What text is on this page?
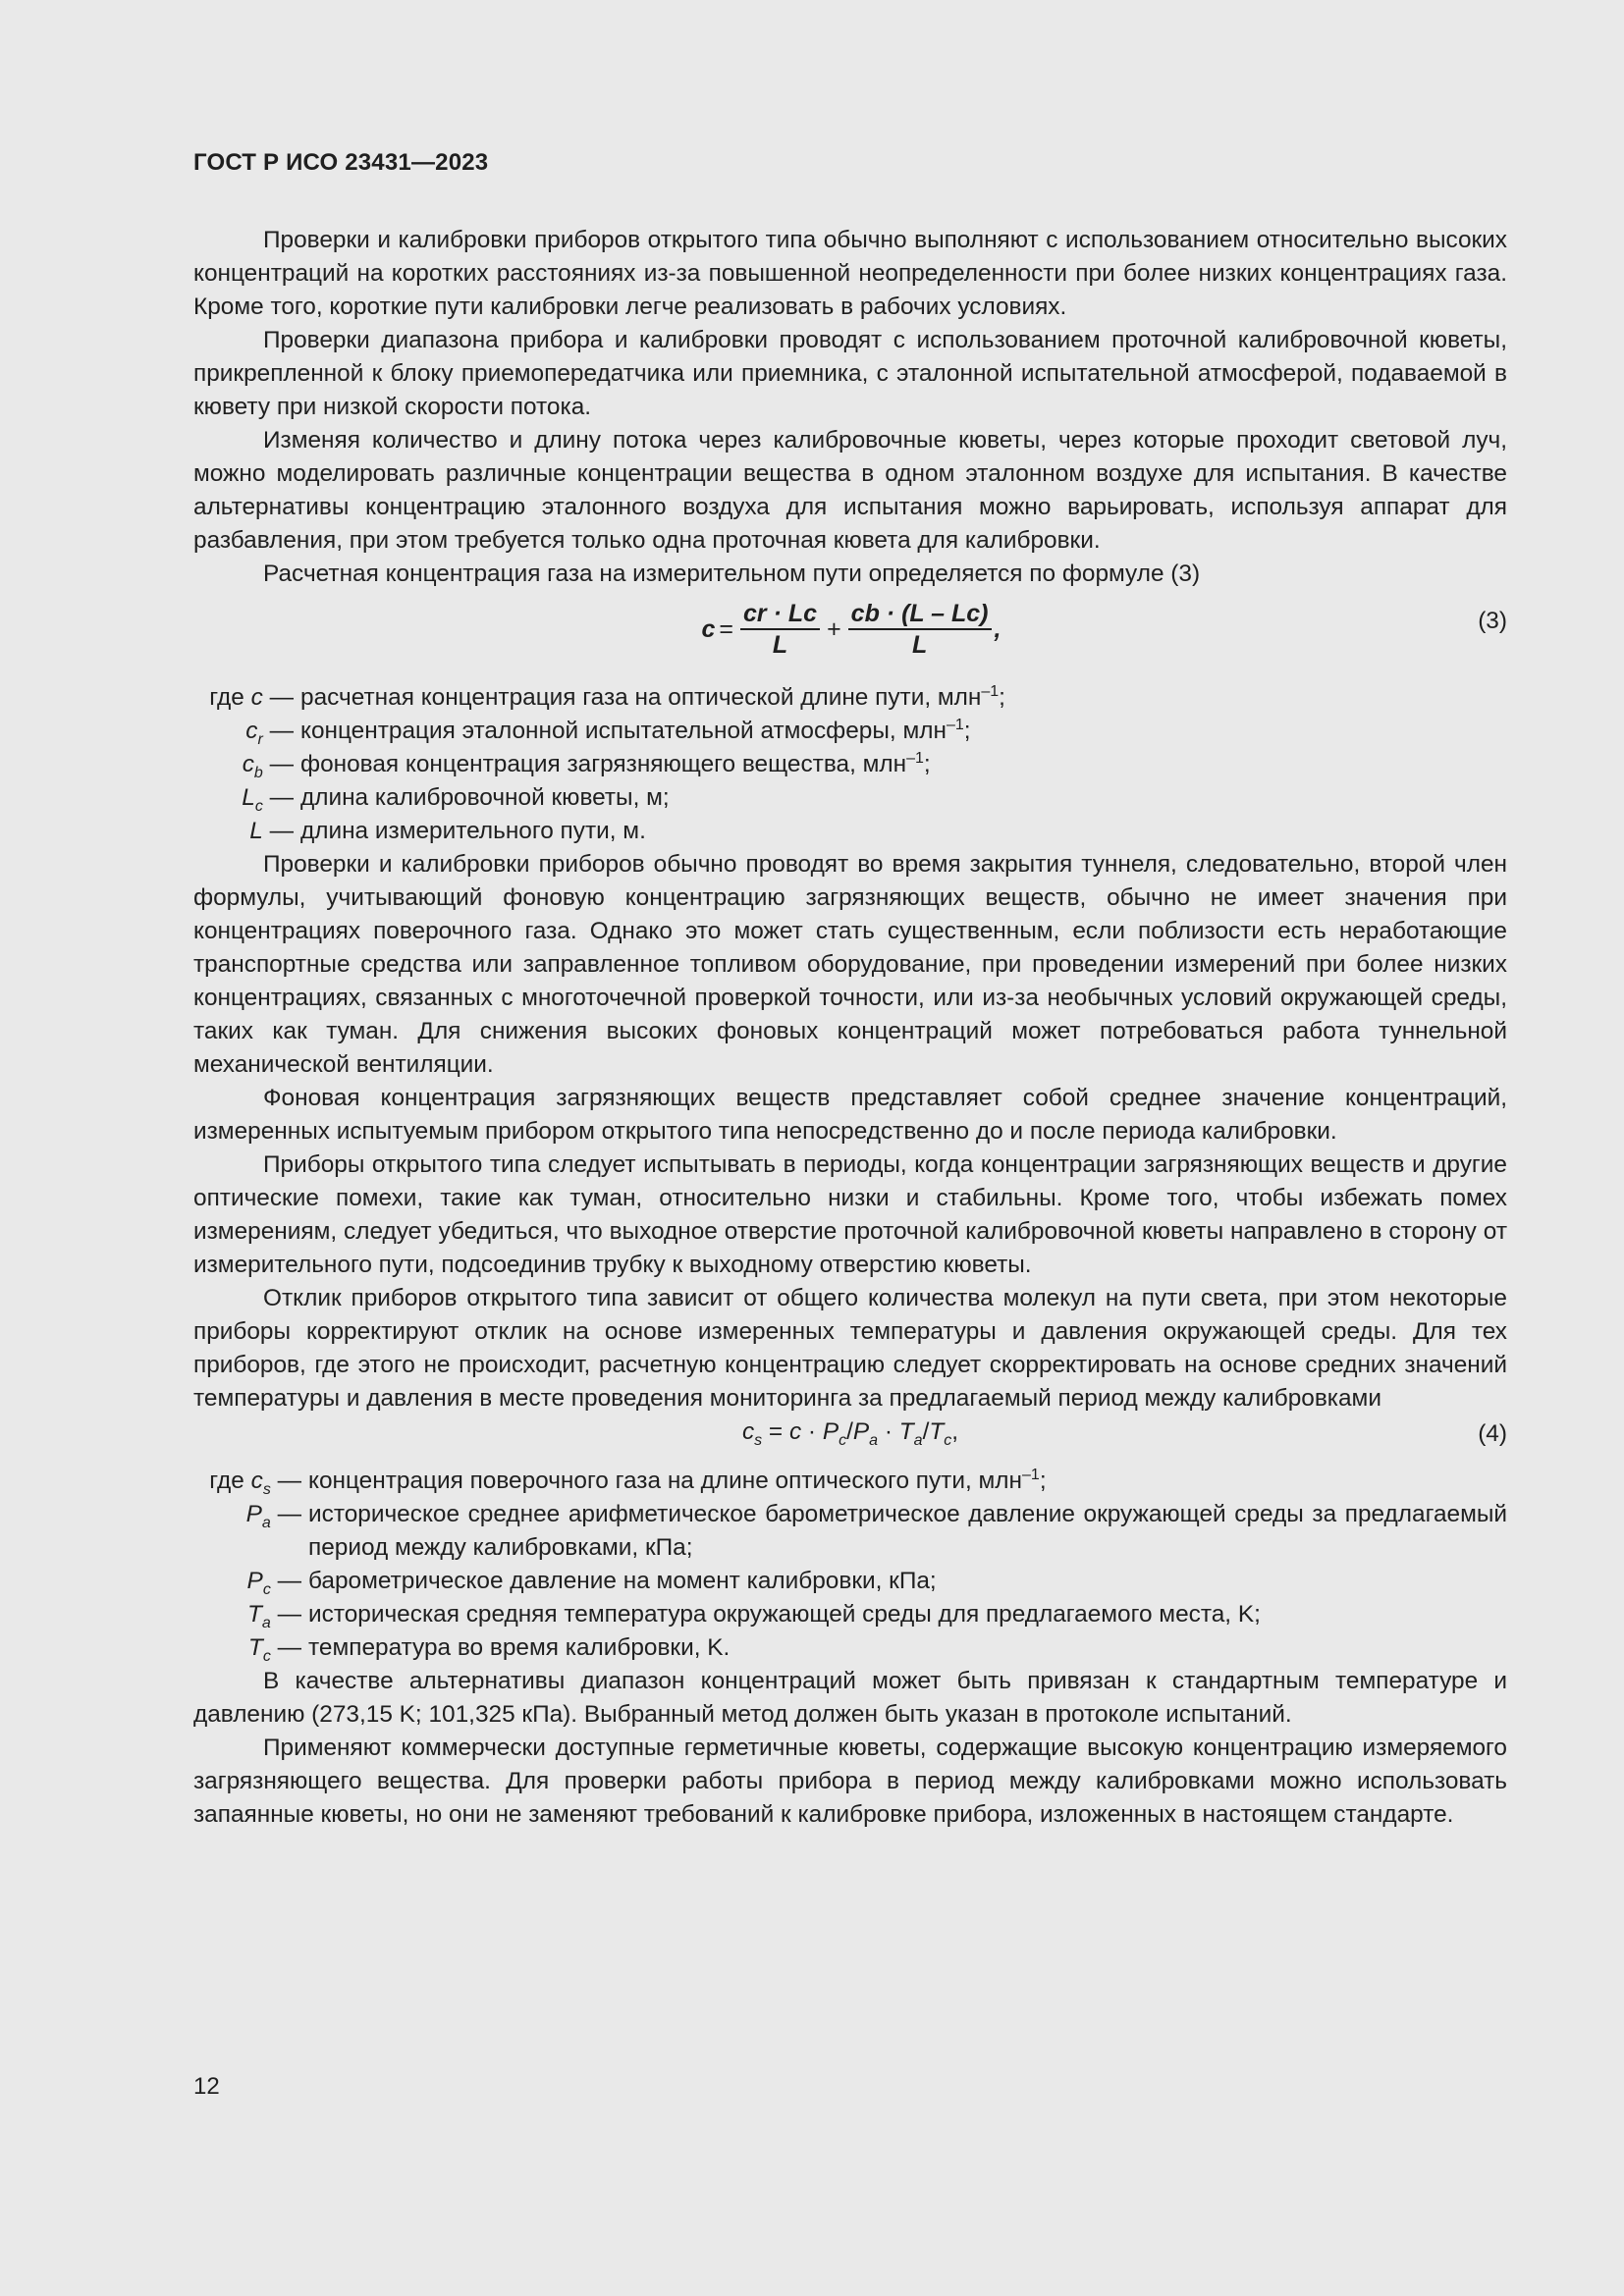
ГОСТ Р ИСО 23431—2023

Проверки и калибровки приборов открытого типа обычно выполняют с использованием относительно высоких концентраций на коротких расстояниях из-за повышенной неопределенности при более низких концентрациях газа. Кроме того, короткие пути калибровки легче реализовать в рабочих условиях.

Проверки диапазона прибора и калибровки проводят с использованием проточной калибровочной кюветы, прикрепленной к блоку приемопередатчика или приемника, с эталонной испытательной атмосферой, подаваемой в кювету при низкой скорости потока.

Изменяя количество и длину потока через калибровочные кюветы, через которые проходит световой луч, можно моделировать различные концентрации вещества в одном эталонном воздухе для испытания. В качестве альтернативы концентрацию эталонного воздуха для испытания можно варьировать, используя аппарат для разбавления, при этом требуется только одна проточная кювета для калибровки.

Расчетная концентрация газа на измерительном пути определяется по формуле (3)

$c = \frac{cr \cdot Lc}{L} + \frac{cb \cdot (L - Lc)}{L}$ ,	(3)
где c — расчетная концентрация газа на оптической длине пути, млн$^{-1}$;
$c_r$ — концентрация эталонной испытательной атмосферы, млн$^{-1}$;
$c_b$ — фоновая концентрация загрязняющего вещества, млн$^{-1}$;
$L_c$ — длина калибровочной кюветы, м;
L — длина измерительного пути, м.

Проверки и калибровки приборов обычно проводят во время закрытия туннеля, следовательно, второй член формулы, учитывающий фоновую концентрацию загрязняющих веществ, обычно не имеет значения при концентрациях поверочного газа. Однако это может стать существенным, если поблизости есть неработающие транспортные средства или заправленное топливом оборудование, при проведении измерений при более низких концентрациях, связанных с многоточечной проверкой точности, или из-за необычных условий окружающей среды, таких как туман. Для снижения высоких фоновых концентраций может потребоваться работа туннельной механической вентиляции.

Фоновая концентрация загрязняющих веществ представляет собой среднее значение концентраций, измеренных испытуемым прибором открытого типа непосредственно до и после периода калибровки.

Приборы открытого типа следует испытывать в периоды, когда концентрации загрязняющих веществ и другие оптические помехи, такие как туман, относительно низки и стабильны. Кроме того, чтобы избежать помех измерениям, следует убедиться, что выходное отверстие проточной калибровочной кюветы направлено в сторону от измерительного пути, подсоединив трубку к выходному отверстию кюветы.

Отклик приборов открытого типа зависит от общего количества молекул на пути света, при этом некоторые приборы корректируют отклик на основе измеренных температуры и давления окружающей среды. Для тех приборов, где этого не происходит, расчетную концентрацию следует скорректировать на основе средних значений температуры и давления в месте проведения мониторинга за предлагаемый период между калибровками

$c_s = c \cdot P_c/P_a \cdot T_a/T_c$,	(4)
где $c_s$ — концентрация поверочного газа на длине оптического пути, млн$^{-1}$;
$P_a$ — историческое среднее арифметическое барометрическое давление окружающей среды за предлагаемый период между калибровками, кПа;
$P_c$ — барометрическое давление на момент калибровки, кПа;
$T_a$ — историческая средняя температура окружающей среды для предлагаемого места, K;
$T_c$ — температура во время калибровки, K.

В качестве альтернативы диапазон концентраций может быть привязан к стандартным температуре и давлению (273,15 K; 101,325 кПа). Выбранный метод должен быть указан в протоколе испытаний.

Применяют коммерчески доступные герметичные кюветы, содержащие высокую концентрацию измеряемого загрязняющего вещества. Для проверки работы прибора в период между калибровками можно использовать запаянные кюветы, но они не заменяют требований к калибровке прибора, изложенных в настоящем стандарте.

12
